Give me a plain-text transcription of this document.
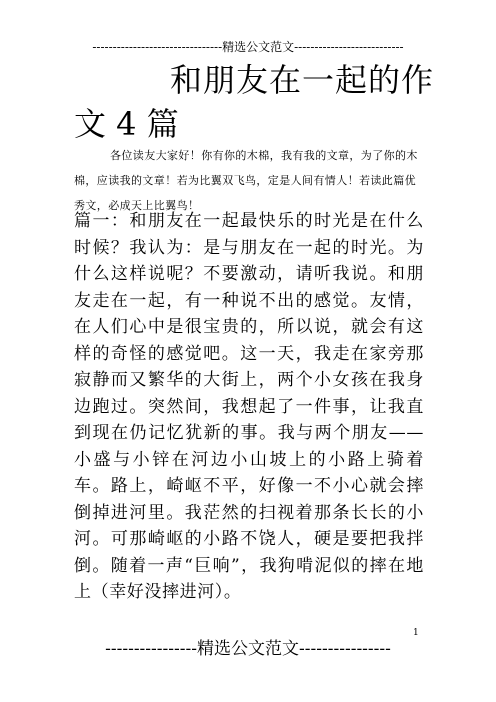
--------------------------------精选公文范文---------------------------
和朋友在一起的作
文 4 篇

各位读友大家好！你有你的木棉，我有我的文章，为了你的木棉，应读我的文章！若为比翼双飞鸟，定是人间有情人！若读此篇优秀文，必成天上比翼鸟！

篇一：和朋友在一起最快乐的时光是在什么时候？我认为：是与朋友在一起的时光。为什么这样说呢？不要激动，请听我说。和朋友走在一起，有一种说不出的感觉。友情，在人们心中是很宝贵的，所以说，就会有这样的奇怪的感觉吧。这一天，我走在家旁那寂静而又繁华的大街上，两个小女孩在我身边跑过。突然间，我想起了一件事，让我直到现在仍记忆犹新的事。我与两个朋友——小盛与小锌在河边小山坡上的小路上骑着车。路上，崎岖不平，好像一不小心就会摔倒掉进河里。我茫然的扫视着那条长长的小河。可那崎岖的小路不饶人，硬是要把我拌倒。随着一声“巨响”，我狗啃泥似的摔在地上（幸好没摔进河）。

1
----------------精选公文范文----------------
